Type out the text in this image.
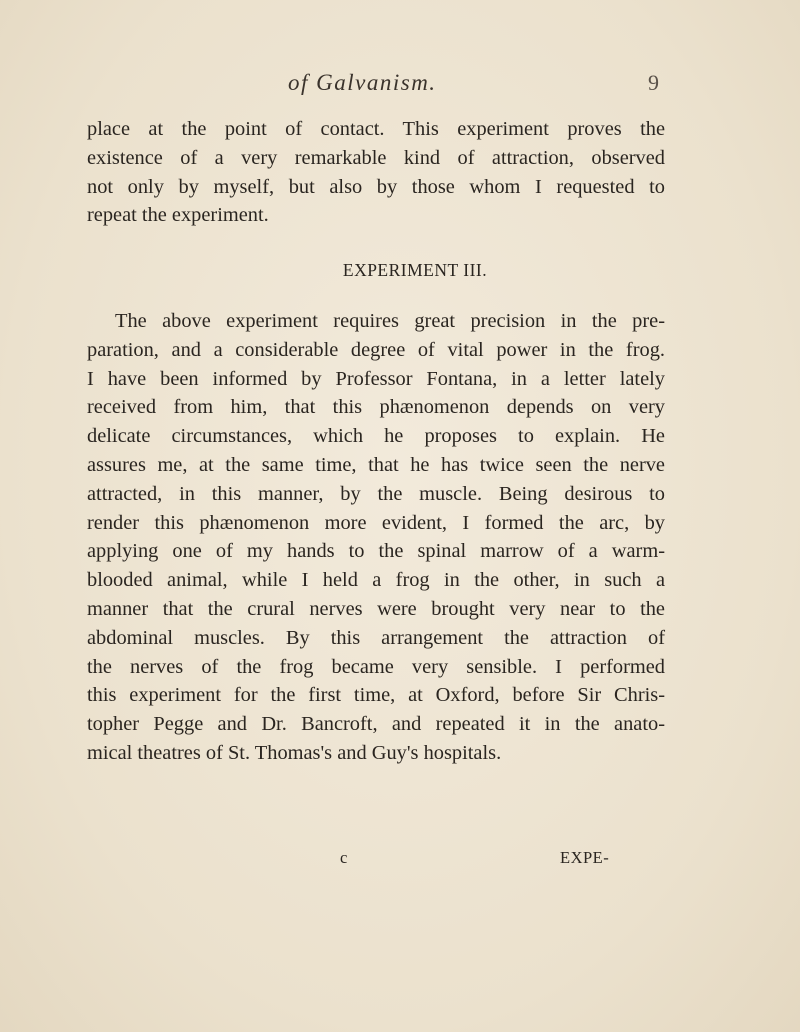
of Galvanism.	9
place at the point of contact. This experiment proves the
existence of a very remarkable kind of attraction, observed
not only by myself, but also by those whom I requested to
repeat the experiment.
EXPERIMENT III.
The above experiment requires great precision in the pre-
paration, and a considerable degree of vital power in the frog.
I have been informed by Professor Fontana, in a letter lately
received from him, that this phænomenon depends on very
delicate circumstances, which he proposes to explain. He
assures me, at the same time, that he has twice seen the nerve
attracted, in this manner, by the muscle. Being desirous to
render this phænomenon more evident, I formed the arc, by
applying one of my hands to the spinal marrow of a warm-
blooded animal, while I held a frog in the other, in such a
manner that the crural nerves were brought very near to the
abdominal muscles. By this arrangement the attraction of
the nerves of the frog became very sensible. I performed
this experiment for the first time, at Oxford, before Sir Chris-
topher Pegge and Dr. Bancroft, and repeated it in the anato-
mical theatres of St. Thomas's and Guy's hospitals.
c	EXPE-
